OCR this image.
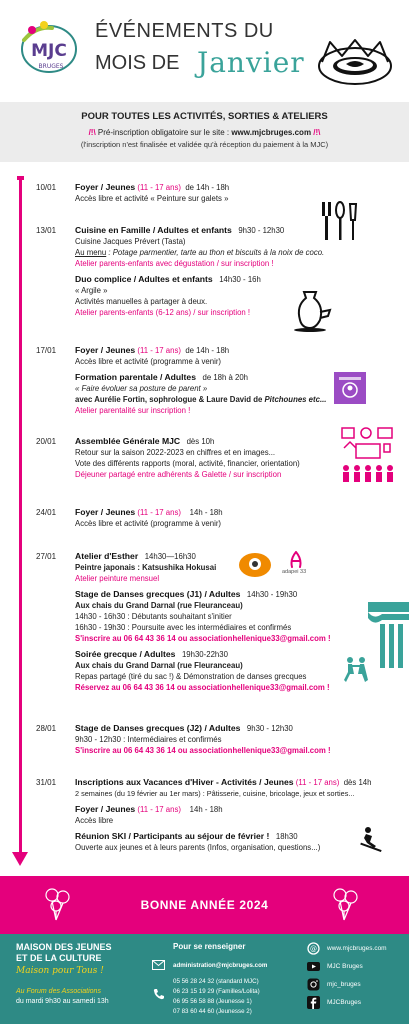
MJC
BRUGES
ÉVÉNEMENTS DU
MOIS DE Janvier
POUR TOUTES LES ACTIVITÉS, SORTIES & ATELIERS
/!\ Pré-inscription obligatoire sur le site : www.mjcbruges.com /!\
(l'inscription n'est finalisée et validée qu'à réception du paiement à la MJC)
10/01 Foyer / Jeunes (11 - 17 ans) de 14h - 18h
Accès libre et activité « Peinture sur galets »
13/01 Cuisine en Famille / Adultes et enfants 9h30 - 12h30
Cuisine Jacques Prévert (Tasta)
Au menu : Potage parmentier, tarte au thon et biscuits à la noix de coco.
Atelier parents-enfants avec dégustation / sur inscription !
Duo complice / Adultes et enfants 14h30 - 16h
« Argile »
Activités manuelles à partager à deux.
Atelier parents-enfants (6-12 ans) / sur inscription !
17/01 Foyer / Jeunes (11 - 17 ans) de 14h - 18h
Accès libre et activité (programme à venir)
Formation parentale / Adultes de 18h à 20h
« Faire évoluer sa posture de parent »
avec Aurélie Fortin, sophrologue & Laure David de Pitchounes etc...
Atelier parentalité sur inscription !
20/01 Assemblée Générale MJC dès 10h
Retour sur la saison 2022-2023 en chiffres et en images...
Vote des différents rapports (moral, activité, financier, orientation)
Déjeuner partagé entre adhérents & Galette / sur inscription
24/01 Foyer / Jeunes (11 - 17 ans) 14h - 18h
Accès libre et activité (programme à venir)
27/01 Atelier d'Esther 14h30—16h30
Peintre japonais : Katsushika Hokusai
Atelier peinture mensuel
Stage de Danses grecques (J1) / Adultes 14h30 - 19h30
Aux chais du Grand Darnal (rue Fleuranceau)
14h30 - 16h30 : Débutants souhaitant s'initier
16h30 - 19h30 : Poursuite avec les intermédiaires et confirmés
S'inscrire au 06 64 43 36 14 ou associationhellenique33@gmail.com !
Soirée grecque / Adultes 19h30-22h30
Aux chais du Grand Darnal (rue Fleuranceau)
Repas partagé (tiré du sac !) & Démonstration de danses grecques
Réservez au 06 64 43 36 14 ou associationhellenique33@gmail.com !
adapei 33
28/01 Stage de Danses grecques (J2) / Adultes 9h30 - 12h30
9h30 - 12h30 : Intermédiaires et confirmés
S'inscrire au 06 64 43 36 14 ou associationhellenique33@gmail.com !
31/01 Inscriptions aux Vacances d'Hiver - Activités / Jeunes (11 - 17 ans) dès 14h
2 semaines (du 19 février au 1er mars) : Pâtisserie, cuisine, bricolage, jeux et sorties...
Foyer / Jeunes (11 - 17 ans) 14h - 18h
Accès libre
Réunion SKI / Participants au séjour de février ! 18h30
Ouverte aux jeunes et à leurs parents (Infos, organisation, questions...)
BONNE ANNÉE 2024
MAISON DES JEUNES
ET DE LA CULTURE
Maison pour Tous !
Au Forum des Associations
du mardi 9h30 au samedi 13h
Pour se renseigner
administration@mjcbruges.com
05 56 28 24 32 (standard MJC)
06 23 15 19 29 (Familles/Lolita)
06 95 56 58 88 (Jeunesse 1)
07 83 60 44 60 (Jeunesse 2)
@ www.mjcbruges.com
MJC Bruges
mjc_bruges
MJCBruges
